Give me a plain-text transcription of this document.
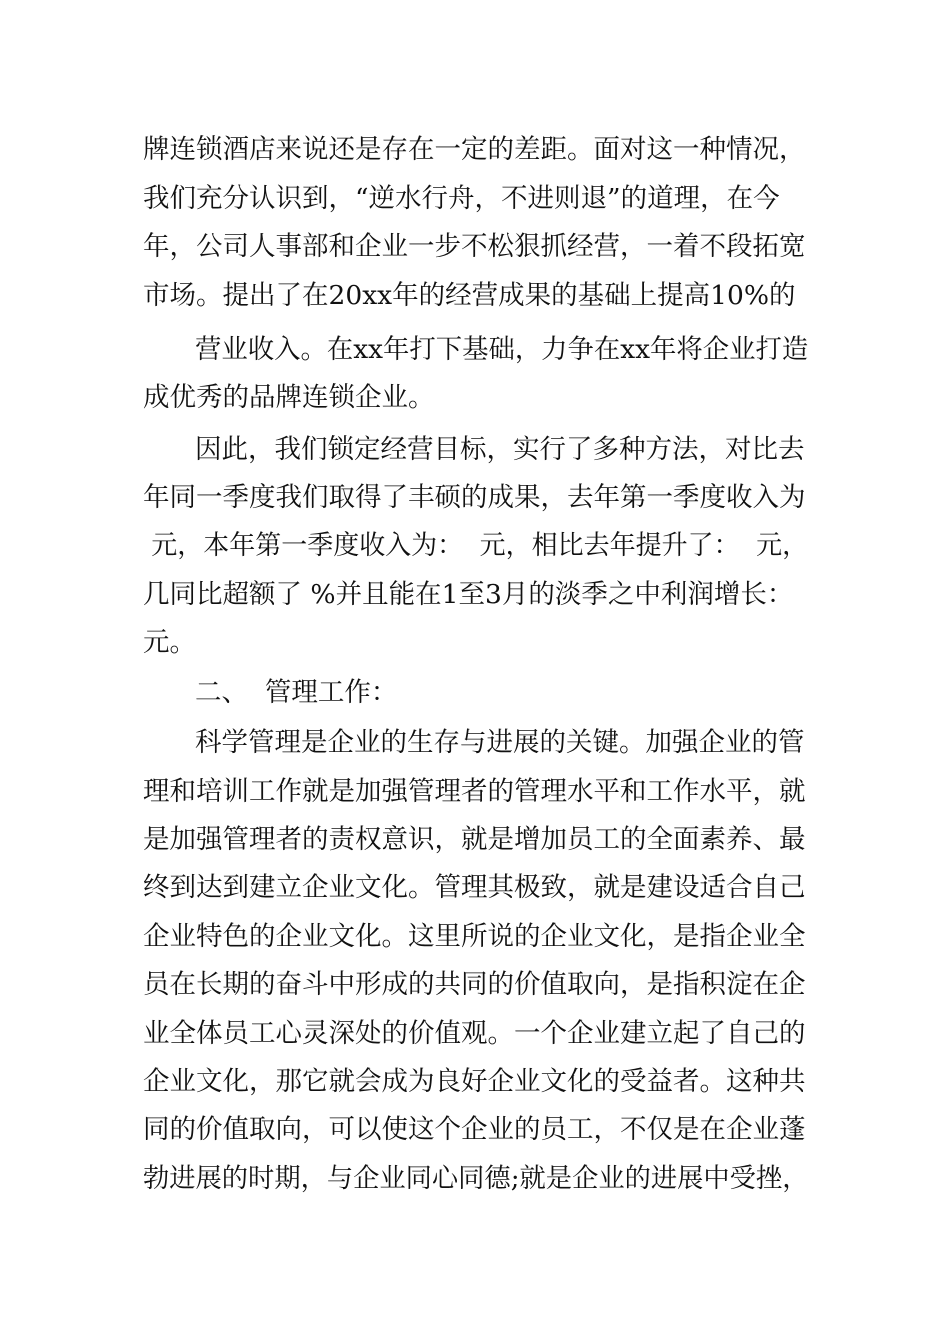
牌连锁酒店来说还是存在一定的差距。面对这一种情况，
我们充分认识到，“逆水行舟，不进则退”的道理，在今
年，公司人事部和企业一步不松狠抓经营，一着不段拓宽
市场。提出了在20xx年的经营成果的基础上提高10%的
营业收入。在xx年打下基础，力争在xx年将企业打造
成优秀的品牌连锁企业。
因此，我们锁定经营目标，实行了多种方法，对比去
年同一季度我们取得了丰硕的成果，去年第一季度收入为
元，本年第一季度收入为：  元，相比去年提升了：  元，
几同比超额了 %并且能在1至3月的淡季之中利润增长：
元。
二、  管理工作：
科学管理是企业的生存与进展的关键。加强企业的管
理和培训工作就是加强管理者的管理水平和工作水平，就
是加强管理者的责权意识，就是增加员工的全面素养、最
终到达到建立企业文化。管理其极致，就是建设适合自己
企业特色的企业文化。这里所说的企业文化，是指企业全
员在长期的奋斗中形成的共同的价值取向，是指积淀在企
业全体员工心灵深处的价值观。一个企业建立起了自己的
企业文化，那它就会成为良好企业文化的受益者。这种共
同的价值取向，可以使这个企业的员工，不仅是在企业蓬
勃进展的时期，与企业同心同德;就是企业的进展中受挫，
